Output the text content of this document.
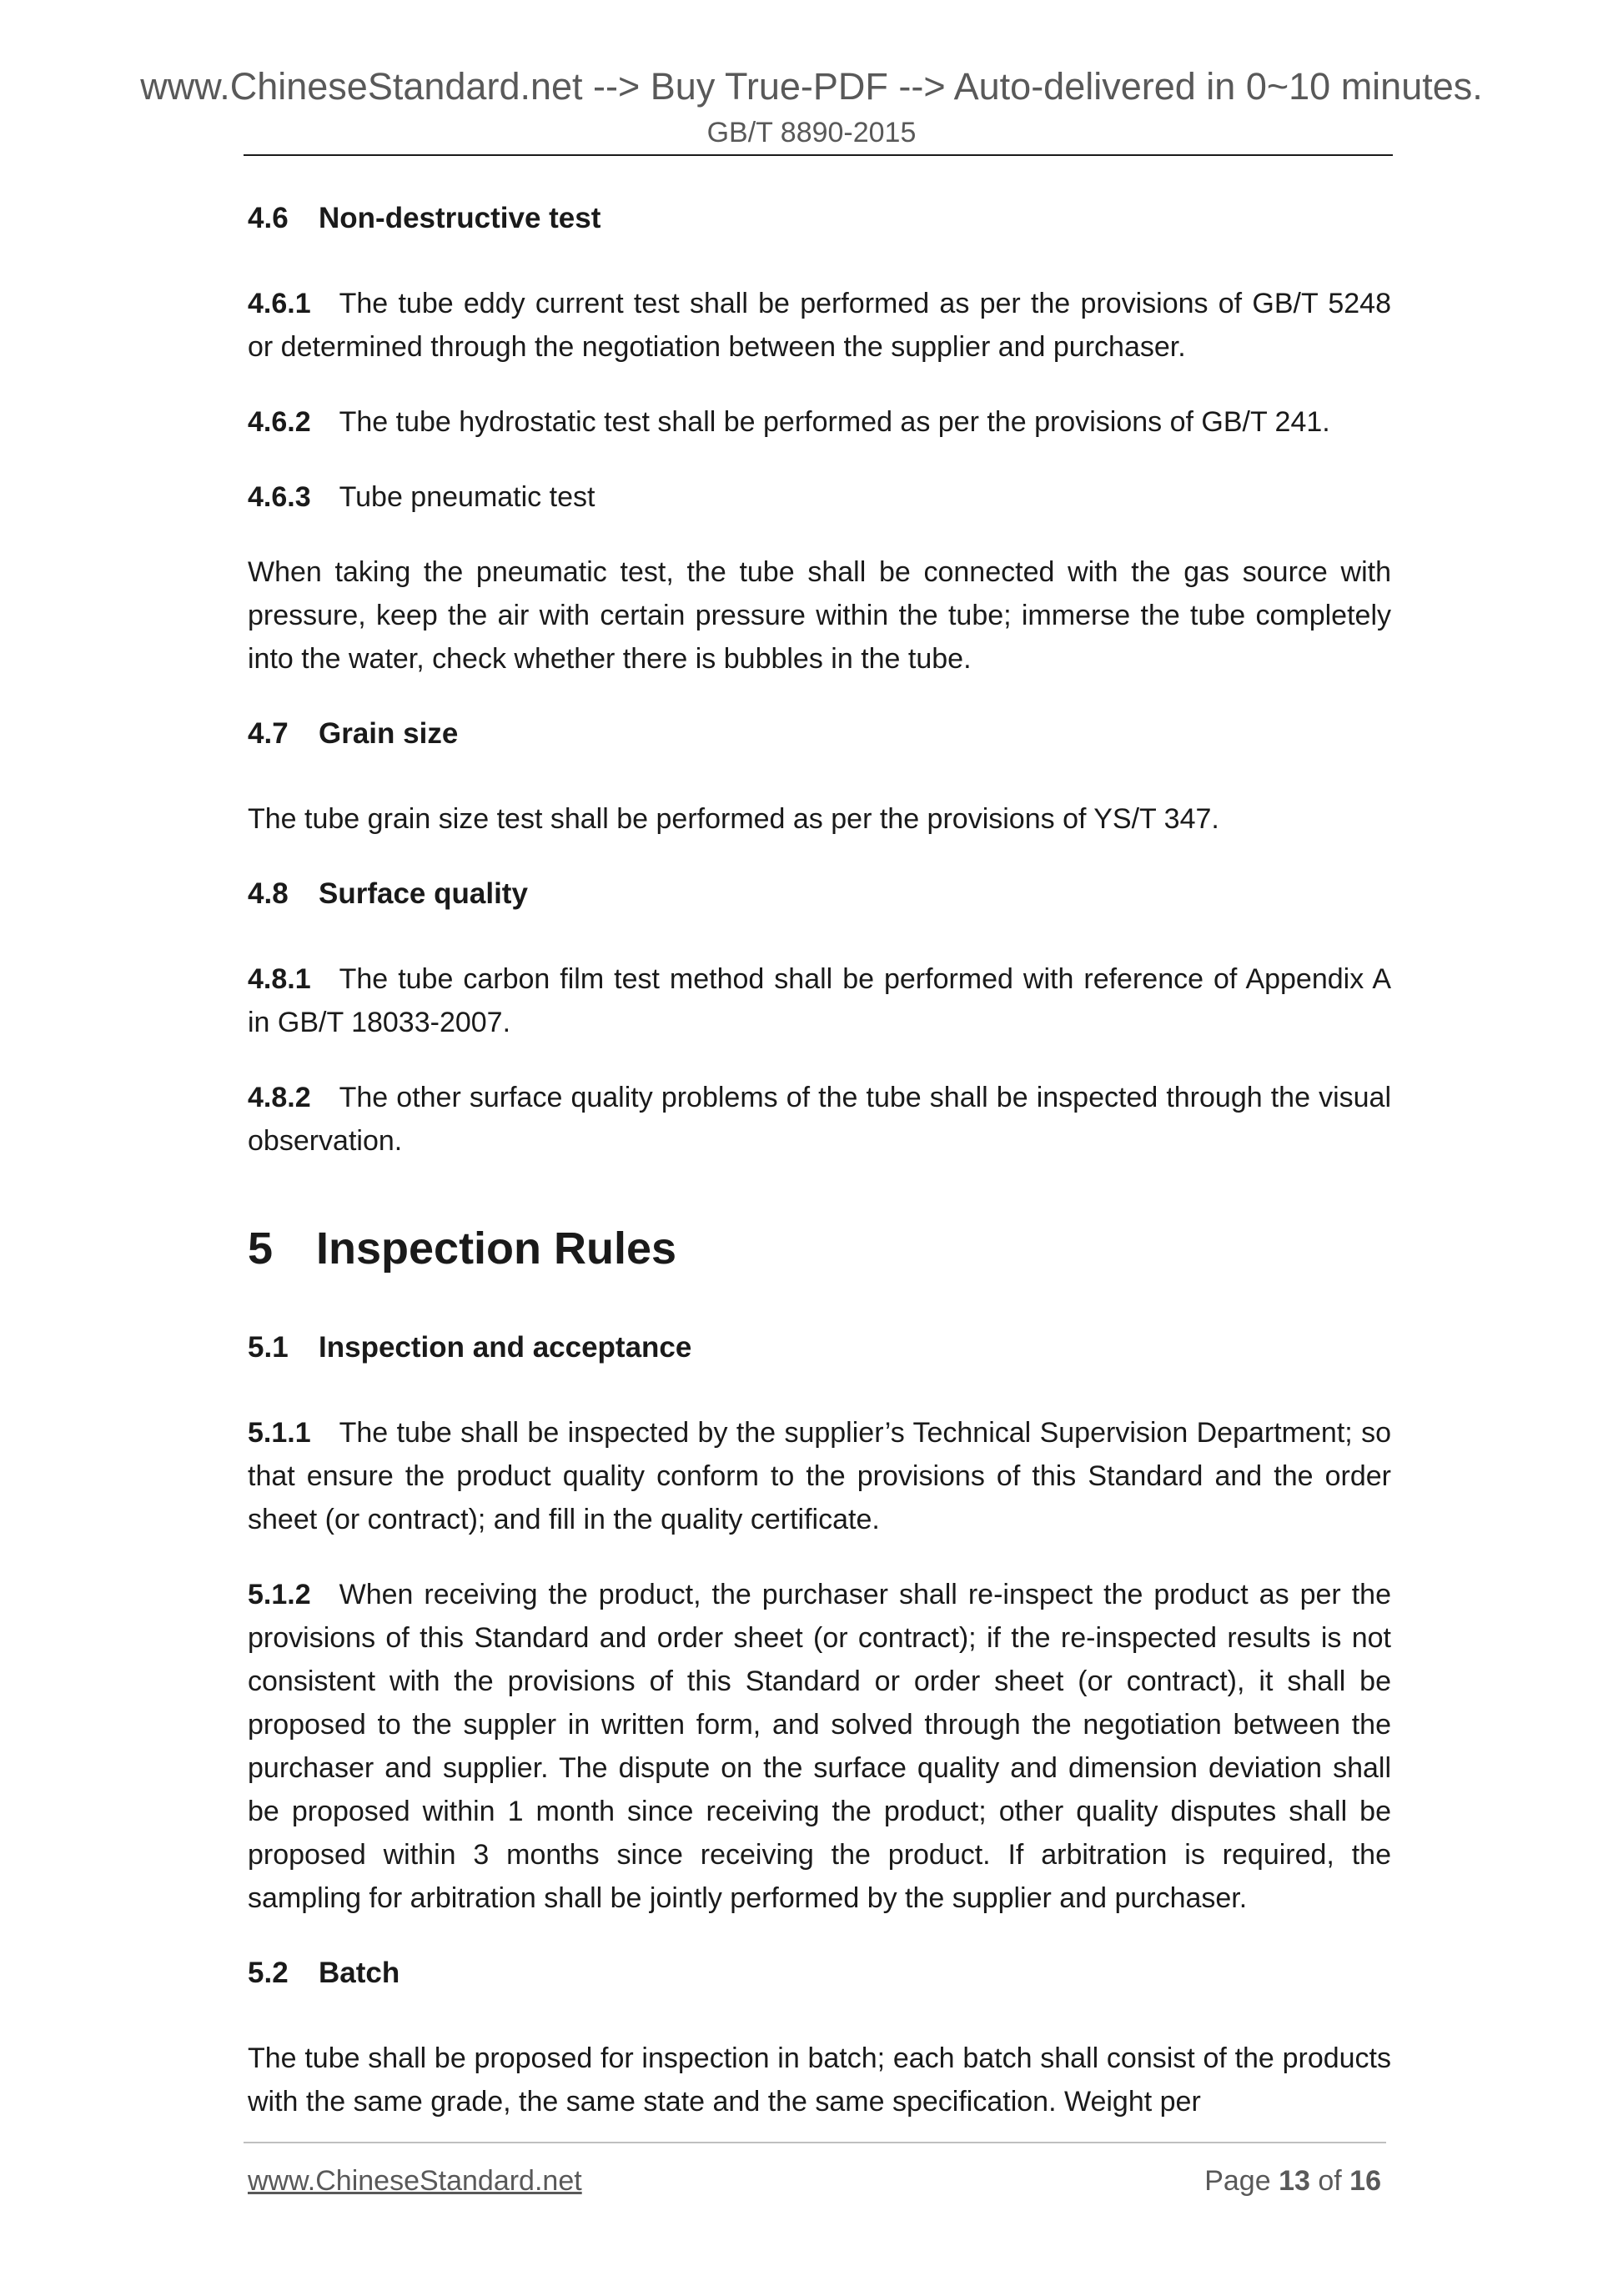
www.ChineseStandard.net --> Buy True-PDF --> Auto-delivered in 0~10 minutes.
GB/T 8890-2015
4.6 Non-destructive test
4.6.1 The tube eddy current test shall be performed as per the provisions of GB/T 5248 or determined through the negotiation between the supplier and purchaser.
4.6.2 The tube hydrostatic test shall be performed as per the provisions of GB/T 241.
4.6.3 Tube pneumatic test
When taking the pneumatic test, the tube shall be connected with the gas source with pressure, keep the air with certain pressure within the tube; immerse the tube completely into the water, check whether there is bubbles in the tube.
4.7 Grain size
The tube grain size test shall be performed as per the provisions of YS/T 347.
4.8 Surface quality
4.8.1 The tube carbon film test method shall be performed with reference of Appendix A in GB/T 18033-2007.
4.8.2 The other surface quality problems of the tube shall be inspected through the visual observation.
5 Inspection Rules
5.1 Inspection and acceptance
5.1.1 The tube shall be inspected by the supplier’s Technical Supervision Department; so that ensure the product quality conform to the provisions of this Standard and the order sheet (or contract); and fill in the quality certificate.
5.1.2 When receiving the product, the purchaser shall re-inspect the product as per the provisions of this Standard and order sheet (or contract); if the re-inspected results is not consistent with the provisions of this Standard or order sheet (or contract), it shall be proposed to the suppler in written form, and solved through the negotiation between the purchaser and supplier. The dispute on the surface quality and dimension deviation shall be proposed within 1 month since receiving the product; other quality disputes shall be proposed within 3 months since receiving the product. If arbitration is required, the sampling for arbitration shall be jointly performed by the supplier and purchaser.
5.2 Batch
The tube shall be proposed for inspection in batch; each batch shall consist of the products with the same grade, the same state and the same specification. Weight per
www.ChineseStandard.net	Page 13 of 16
